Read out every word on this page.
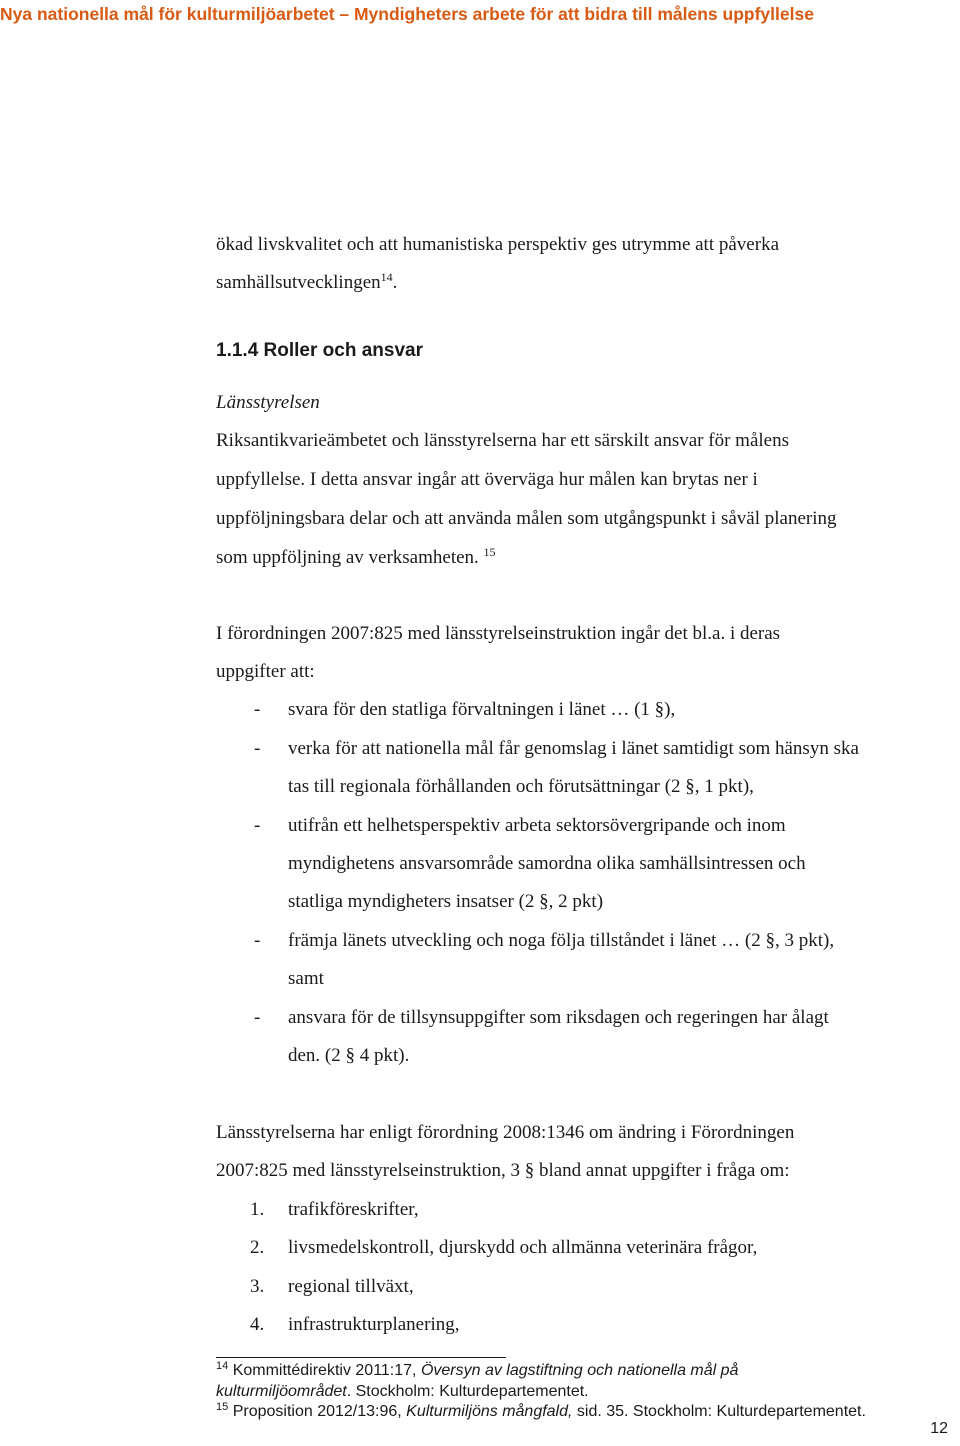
Nya nationella mål för kulturmiljöarbetet – Myndigheters arbete för att bidra till målens uppfyllelse
ökad livskvalitet och att humanistiska perspektiv ges utrymme att påverka
samhällsutvecklingen$^{14}$.
1.1.4 Roller och ansvar
Länsstyrelsen
Riksantikvarieämbetet och länsstyrelserna har ett särskilt ansvar för målens
uppfyllelse. I detta ansvar ingår att överväga hur målen kan brytas ner i
uppföljningsbara delar och att använda målen som utgångspunkt i såväl planering
som uppföljning av verksamheten. $^{15}$
I förordningen 2007:825 med länsstyrelseinstruktion ingår det bl.a. i deras
uppgifter att:
- svara för den statliga förvaltningen i länet … (1 §),
- verka för att nationella mål får genomslag i länet samtidigt som hänsyn ska
tas till regionala förhållanden och förutsättningar (2 §, 1 pkt),
- utifrån ett helhetsperspektiv arbeta sektorsövergripande och inom
myndighetens ansvarsområde samordna olika samhällsintressen och
statliga myndigheters insatser (2 §, 2 pkt)
- främja länets utveckling och noga följa tillståndet i länet … (2 §, 3 pkt),
samt
- ansvara för de tillsynsuppgifter som riksdagen och regeringen har ålagt
den. (2 § 4 pkt).
Länsstyrelserna har enligt förordning 2008:1346 om ändring i Förordningen
2007:825 med länsstyrelseinstruktion, 3 § bland annat uppgifter i fråga om:
1. trafikföreskrifter,
2. livsmedelskontroll, djurskydd och allmänna veterinära frågor,
3. regional tillväxt,
4. infrastrukturplanering,
$^{14}$ Kommittédirektiv 2011:17, Översyn av lagstiftning och nationella mål på
kulturmiljöområdet. Stockholm: Kulturdepartementet.
$^{15}$ Proposition 2012/13:96, Kulturmiljöns mångfald, sid. 35. Stockholm: Kulturdepartementet.
12
